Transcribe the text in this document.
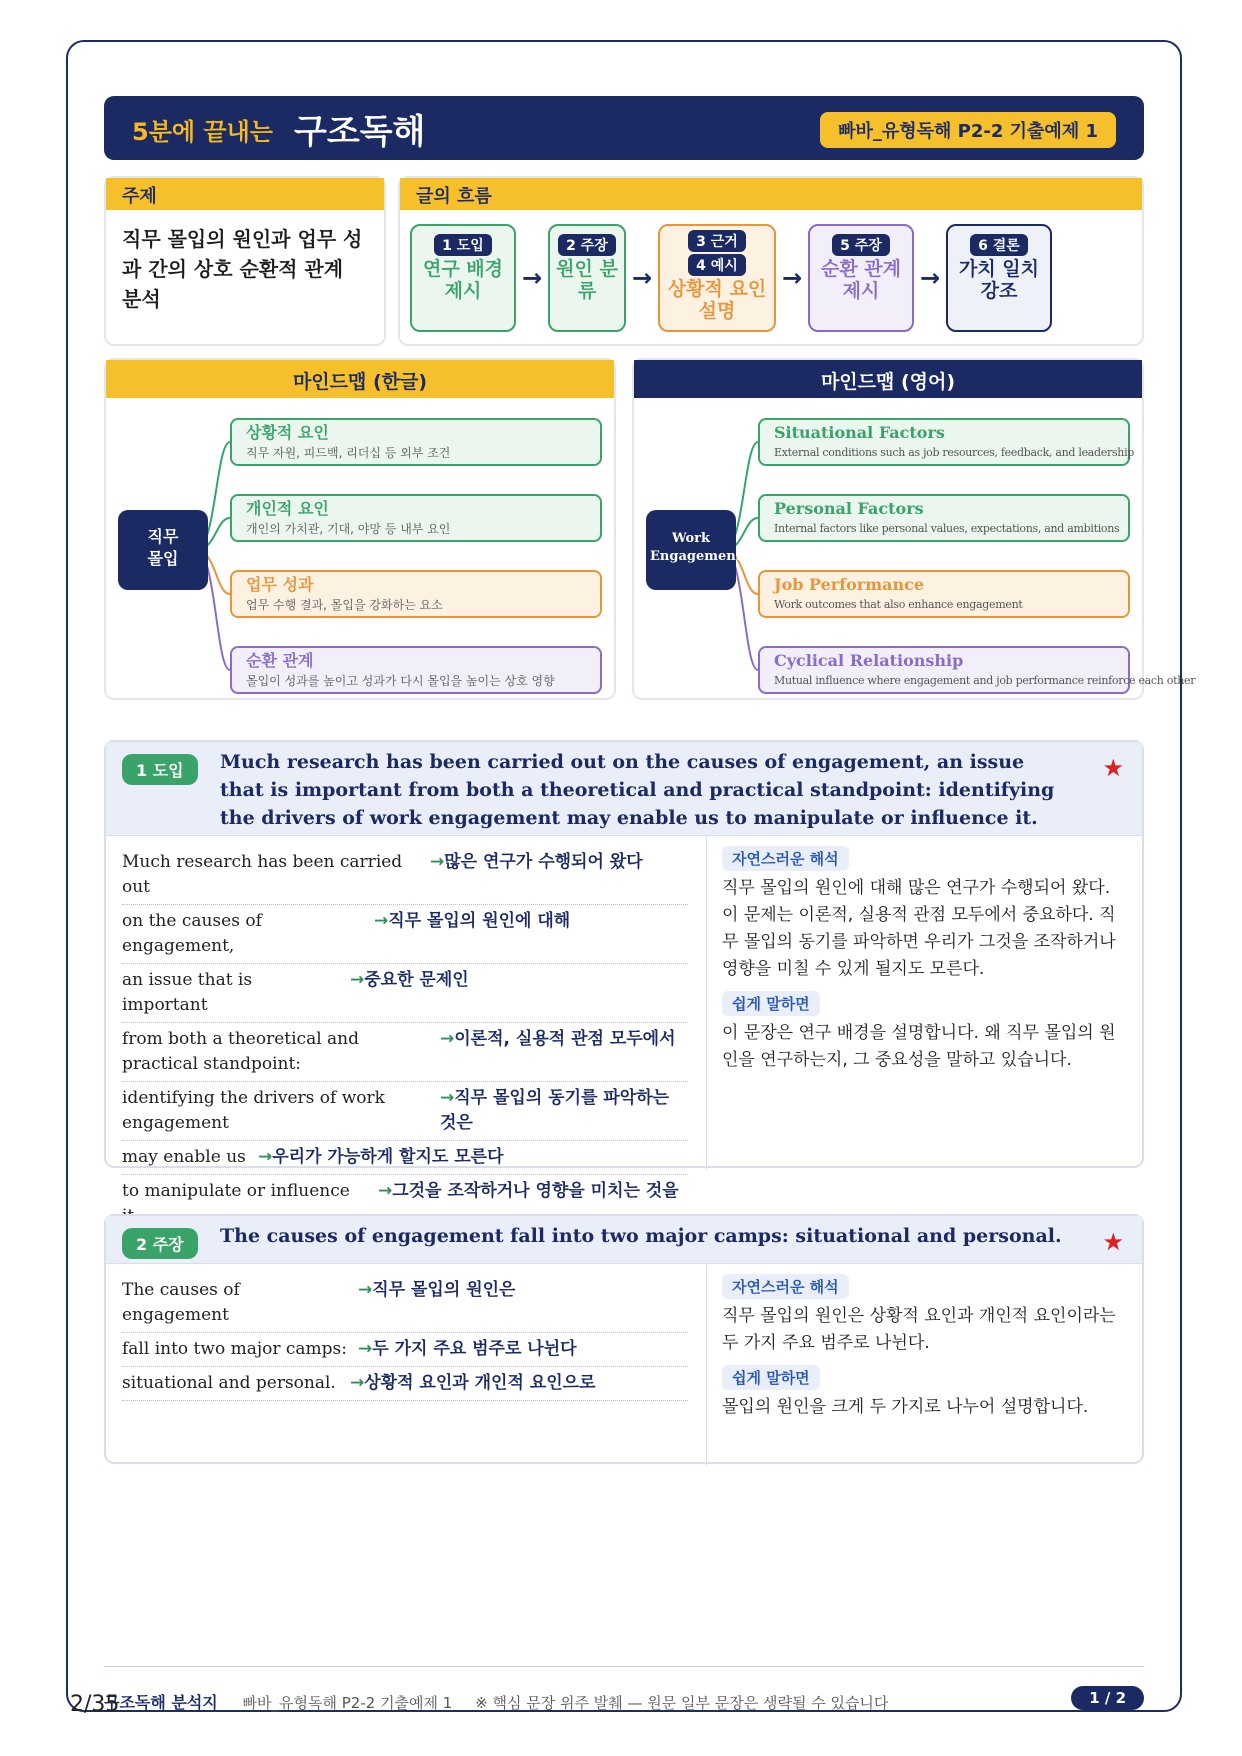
5분에 끝내는 구조독해	빠바_유형독해 P2-2 기출예제 1
주제
직무 몰입의 원인과 업무 성과 간의 상호 순환적 관계 분석
글의 흐름
1 도입

연구 배경 제시	→
2 주장

원인 분류	→
3 근거
4 예시

상황적 요인 설명
→
5 주장

순환 관계 제시	→
6 결론

가치 일치 강조
마인드맵 (한글)
상황적 요인
직무 자원, 피드백, 리더십 등 외부 조건
개인적 요인
개인의 가치관, 기대, 야망 등 내부 요인
업무 성과
업무 수행 결과, 몰입을 강화하는 요소
순환 관계
몰입이 성과를 높이고 성과가 다시 몰입을 높이는 상호 영향
직무 몰입
마인드맵 (영어)
Situational Factors
External conditions such as job resources, feedback, and leadership
Personal Factors
Internal factors like personal values, expectations, and ambitions
Job Performance
Work outcomes that also enhance engagement
Cyclical Relationship
Mutual influence where engagement and job performance reinforce each other
Work Engagement
1 도입	Much research has been carried out on the causes of engagement, an issue that is important from both a theoretical and practical standpoint: identifying the drivers of work engagement may enable us to manipulate or influence it.
★
Much research has been carried out
→많은 연구가 수행되어 왔다
on the causes of engagement,
→직무 몰입의 원인에 대해
an issue that is important
→중요한 문제인
from both a theoretical and practical standpoint:
→이론적, 실용적 관점 모두에서
identifying the drivers of work engagement
→직무 몰입의 동기를 파악하는 것은
may enable us →우리가 가능하게 할지도 모른다
to manipulate or influence	→그것을 조작하거나 영향을 미치는 것을
자연스러운 해석
직무 몰입의 원인에 대해 많은 연구가 수행되어 왔다. 이 문제는 이론적, 실용적 관점 모두에서 중요하다. 직무 몰입의 동기를 파악하면 우리가 그것을 조작하거나 영향을 미칠 수 있게 될지도 모른다.
쉽게 말하면
이 문장은 연구 배경을 설명합니다. 왜 직무 몰입의 원인을 연구하는지, 그 중요성을 말하고 있습니다.
2 주장	The causes of engagement fall into two major camps: situational and personal.	★
The causes of engagement
→직무 몰입의 원인은
fall into two major camps: →두 가지 주요 범주로 나뉜다
situational and personal. →상황적 요인과 개인적 요인으로
자연스러운 해석
직무 몰입의 원인은 상황적 요인과 개인적 요인이라는 두 가지 주요 범주로 나뉜다.
쉽게 말하면
몰입의 원인을 크게 두 가지로 나누어 설명합니다.
구조독해 분석지 빠바_유형독해 P2-2 기출예제 1 ※ 핵심 문장 위주 발췌 — 원문 일부 문장은 생략될 수 있습니다	1 / 2
2/35
